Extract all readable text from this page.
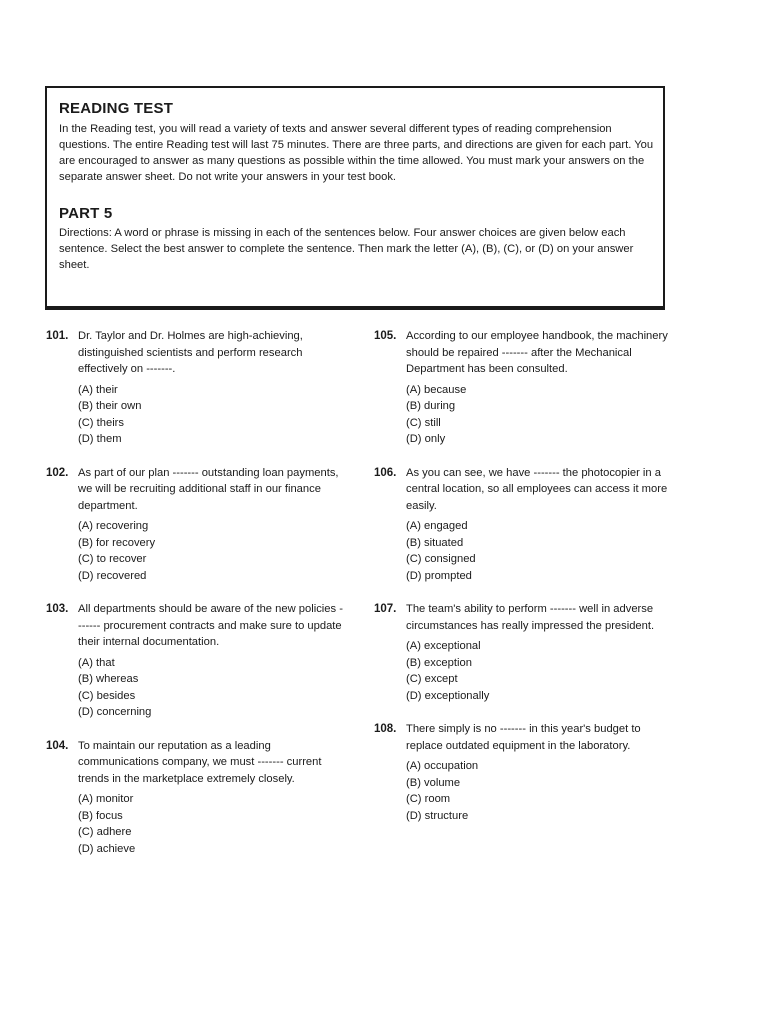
READING TEST

In the Reading test, you will read a variety of texts and answer several different types of reading comprehension questions. The entire Reading test will last 75 minutes. There are three parts, and directions are given for each part. You are encouraged to answer as many questions as possible within the time allowed. You must mark your answers on the separate answer sheet. Do not write your answers in your test book.

PART 5

Directions: A word or phrase is missing in each of the sentences below. Four answer choices are given below each sentence. Select the best answer to complete the sentence. Then mark the letter (A), (B), (C), or (D) on your answer sheet.

101. Dr. Taylor and Dr. Holmes are high-achieving, distinguished scientists and perform research effectively on -------.

(A) their
(B) their own
(C) theirs
(D) them
102. As part of our plan ------- outstanding loan payments, we will be recruiting additional staff in our finance department.

(A) recovering
(B) for recovery
(C) to recover
(D) recovered
103. All departments should be aware of the new policies ------- procurement contracts and make sure to update their internal documentation.

(A) that
(B) whereas
(C) besides
(D) concerning
104. To maintain our reputation as a leading communications company, we must ------- current trends in the marketplace extremely closely.

(A) monitor
(B) focus
(C) adhere
(D) achieve
105. According to our employee handbook, the machinery should be repaired ------- after the Mechanical Department has been consulted.

(A) because
(B) during
(C) still
(D) only
106. As you can see, we have ------- the photocopier in a central location, so all employees can access it more easily.

(A) engaged
(B) situated
(C) consigned
(D) prompted
107. The team's ability to perform ------- well in adverse circumstances has really impressed the president.

(A) exceptional
(B) exception
(C) except
(D) exceptionally
108. There simply is no ------- in this year's budget to replace outdated equipment in the laboratory.

(A) occupation
(B) volume
(C) room
(D) structure
